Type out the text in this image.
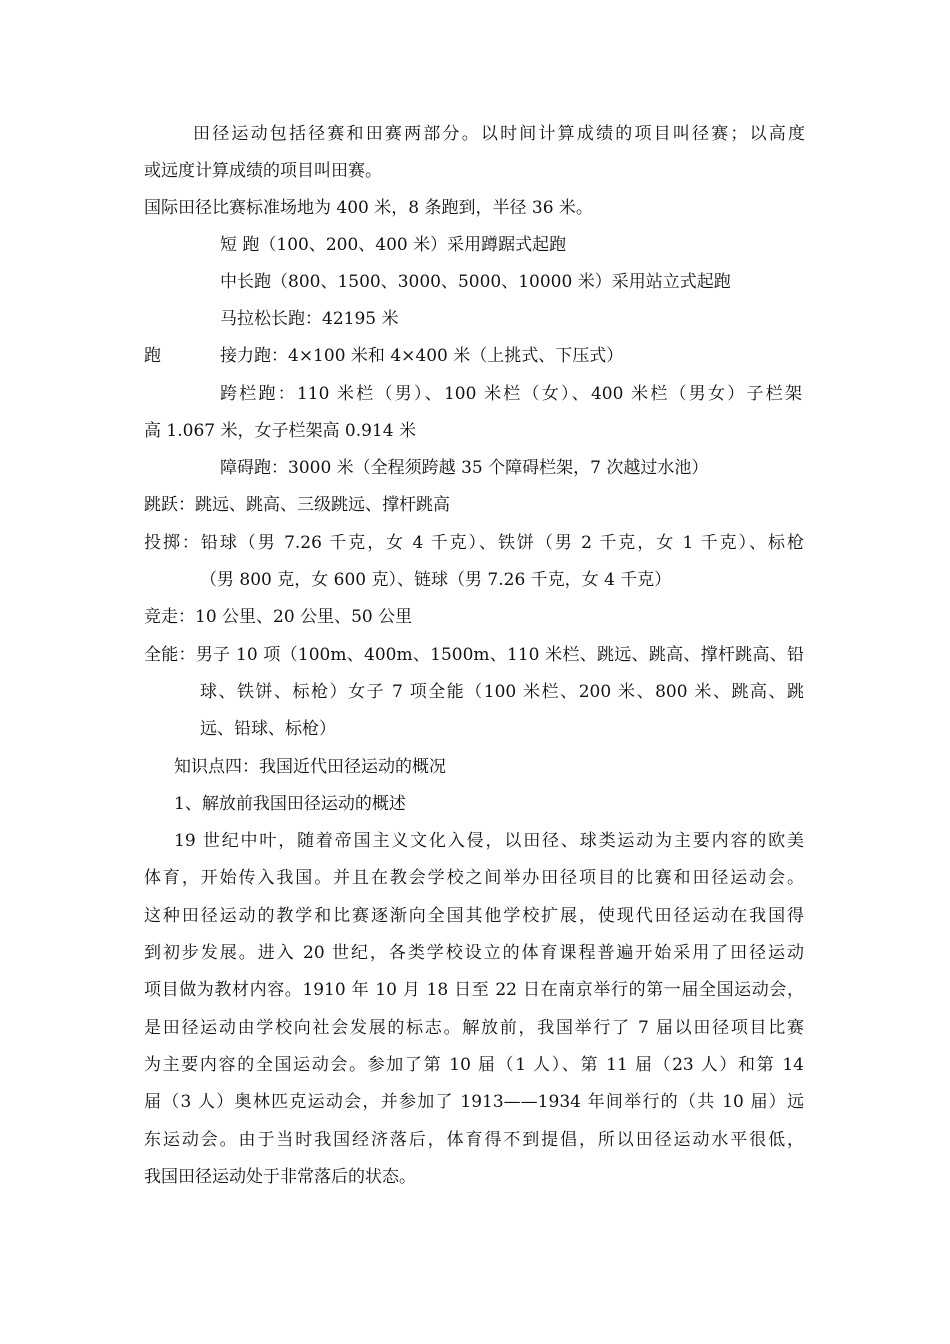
田径运动包括径赛和田赛两部分。以时间计算成绩的项目叫径赛；以高度
或远度计算成绩的项目叫田赛。
国际田径比赛标准场地为 400 米，8 条跑到，半径 36 米。
短 跑（100、200、400 米）采用蹲踞式起跑
中长跑（800、1500、3000、5000、10000 米）采用站立式起跑
马拉松长跑：42195 米
跑	接力跑：4×100 米和 4×400 米（上挑式、下压式）
跨栏跑：110 米栏（男）、100 米栏（女）、400 米栏（男女）子栏架
高 1.067 米，女子栏架高 0.914 米
障碍跑：3000 米（全程须跨越 35 个障碍栏架，7 次越过水池）
跳跃：跳远、跳高、三级跳远、撑杆跳高
投掷：铅球（男 7.26 千克，女 4 千克）、铁饼（男 2 千克，女 1 千克）、标枪
（男 800 克，女 600 克）、链球（男 7.26 千克，女 4 千克）
竞走：10 公里、20 公里、50 公里
全能：男子 10 项（100m、400m、1500m、110 米栏、跳远、跳高、撑杆跳高、铅
球、铁饼、标枪）女子 7 项全能（100 米栏、200 米、800 米、跳高、跳
远、铅球、标枪）
知识点四：我国近代田径运动的概况
1、解放前我国田径运动的概述
19 世纪中叶，随着帝国主义文化入侵，以田径、球类运动为主要内容的欧美
体育，开始传入我国。并且在教会学校之间举办田径项目的比赛和田径运动会。
这种田径运动的教学和比赛逐渐向全国其他学校扩展，使现代田径运动在我国得
到初步发展。进入 20 世纪，各类学校设立的体育课程普遍开始采用了田径运动
项目做为教材内容。1910 年 10 月 18 日至 22 日在南京举行的第一届全国运动会，
是田径运动由学校向社会发展的标志。解放前，我国举行了 7 届以田径项目比赛
为主要内容的全国运动会。参加了第 10 届（1 人）、第 11 届（23 人）和第 14
届（3 人）奥林匹克运动会，并参加了 1913——1934 年间举行的（共 10 届）远
东运动会。由于当时我国经济落后，体育得不到提倡，所以田径运动水平很低，
我国田径运动处于非常落后的状态。
